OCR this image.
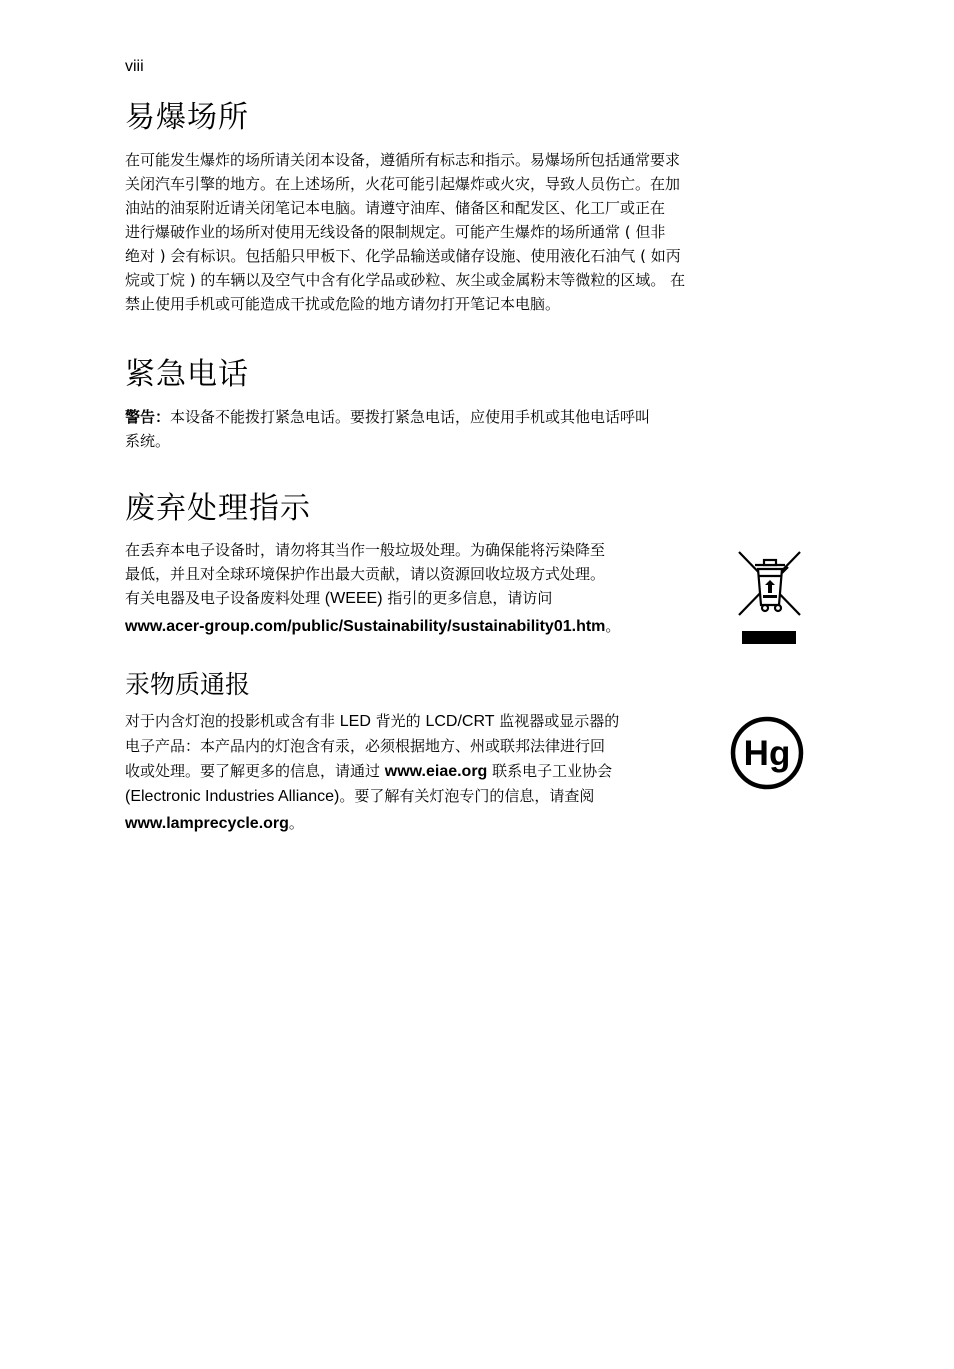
viii
易爆场所
在可能发生爆炸的场所请关闭本设备，遵循所有标志和指示。易爆场所包括通常要求
关闭汽车引擎的地方。在上述场所，火花可能引起爆炸或火灾，导致人员伤亡。在加
油站的油泵附近请关闭笔记本电脑。请遵守油库、储备区和配发区、化工厂或正在
进行爆破作业的场所对使用无线设备的限制规定。可能产生爆炸的场所通常 ( 但非
绝对 ) 会有标识。包括船只甲板下、化学品输送或储存设施、使用液化石油气 ( 如丙
烷或丁烷 ) 的车辆以及空气中含有化学品或砂粒、灰尘或金属粉末等微粒的区域。 在
禁止使用手机或可能造成干扰或危险的地方请勿打开笔记本电脑。
紧急电话
警告：本设备不能拨打紧急电话。要拨打紧急电话，应使用手机或其他电话呼叫
系统。
废弃处理指示
在丢弃本电子设备时，请勿将其当作一般垃圾处理。为确保能将污染降至
最低，并且对全球环境保护作出最大贡献，请以资源回收垃圾方式处理。
有关电器及电子设备废料处理 (WEEE) 指引的更多信息，请访问
www.acer-group.com/public/Sustainability/sustainability01.htm。
汞物质通报
对于内含灯泡的投影机或含有非 LED 背光的 LCD/CRT 监视器或显示器的
电子产品：本产品内的灯泡含有汞，必须根据地方、州或联邦法律进行回
收或处理。要了解更多的信息，请通过 www.eiae.org 联系电子工业协会
(Electronic Industries Alliance)。要了解有关灯泡专门的信息，请查阅
www.lamprecycle.org。
Hg
